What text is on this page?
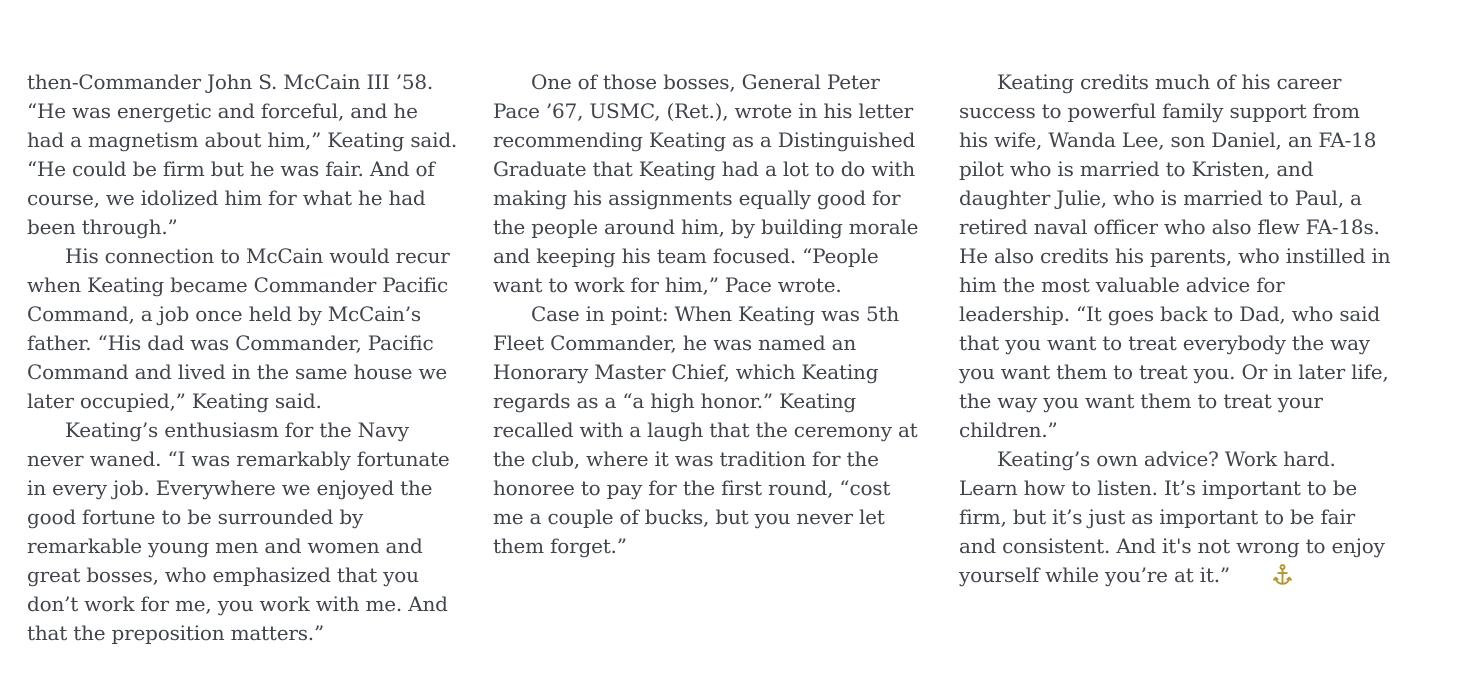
then-Commander John S. McCain III ’58. “He was energetic and forceful, and he had a magnetism about him,” Keating said. “He could be firm but he was fair. And of course, we idolized him for what he had been through.”

His connection to McCain would recur when Keating became Commander Pacific Command, a job once held by McCain’s father. “His dad was Commander, Pacific Command and lived in the same house we later occupied,” Keating said.

Keating’s enthusiasm for the Navy never waned. “I was remarkably fortunate in every job. Everywhere we enjoyed the good fortune to be surrounded by remarkable young men and women and great bosses, who emphasized that you don’t work for me, you work with me. And that the preposition matters.”

One of those bosses, General Peter Pace ’67, USMC, (Ret.), wrote in his letter recommending Keating as a Distinguished Graduate that Keating had a lot to do with making his assignments equally good for the people around him, by building morale and keeping his team focused. “People want to work for him,” Pace wrote.

Case in point: When Keating was 5th Fleet Commander, he was named an Honorary Master Chief, which Keating regards as a “a high honor.” Keating recalled with a laugh that the ceremony at the club, where it was tradition for the honoree to pay for the first round, “cost me a couple of bucks, but you never let them forget.”

Keating credits much of his career success to powerful family support from his wife, Wanda Lee, son Daniel, an FA-18 pilot who is married to Kristen, and daughter Julie, who is married to Paul, a retired naval officer who also flew FA-18s. He also credits his parents, who instilled in him the most valuable advice for leadership. “It goes back to Dad, who said that you want to treat everybody the way you want them to treat you. Or in later life, the way you want them to treat your children.”

Keating’s own advice? Work hard. Learn how to listen. It’s important to be firm, but it’s just as important to be fair and consistent. And it's not wrong to enjoy yourself while you’re at it.”
